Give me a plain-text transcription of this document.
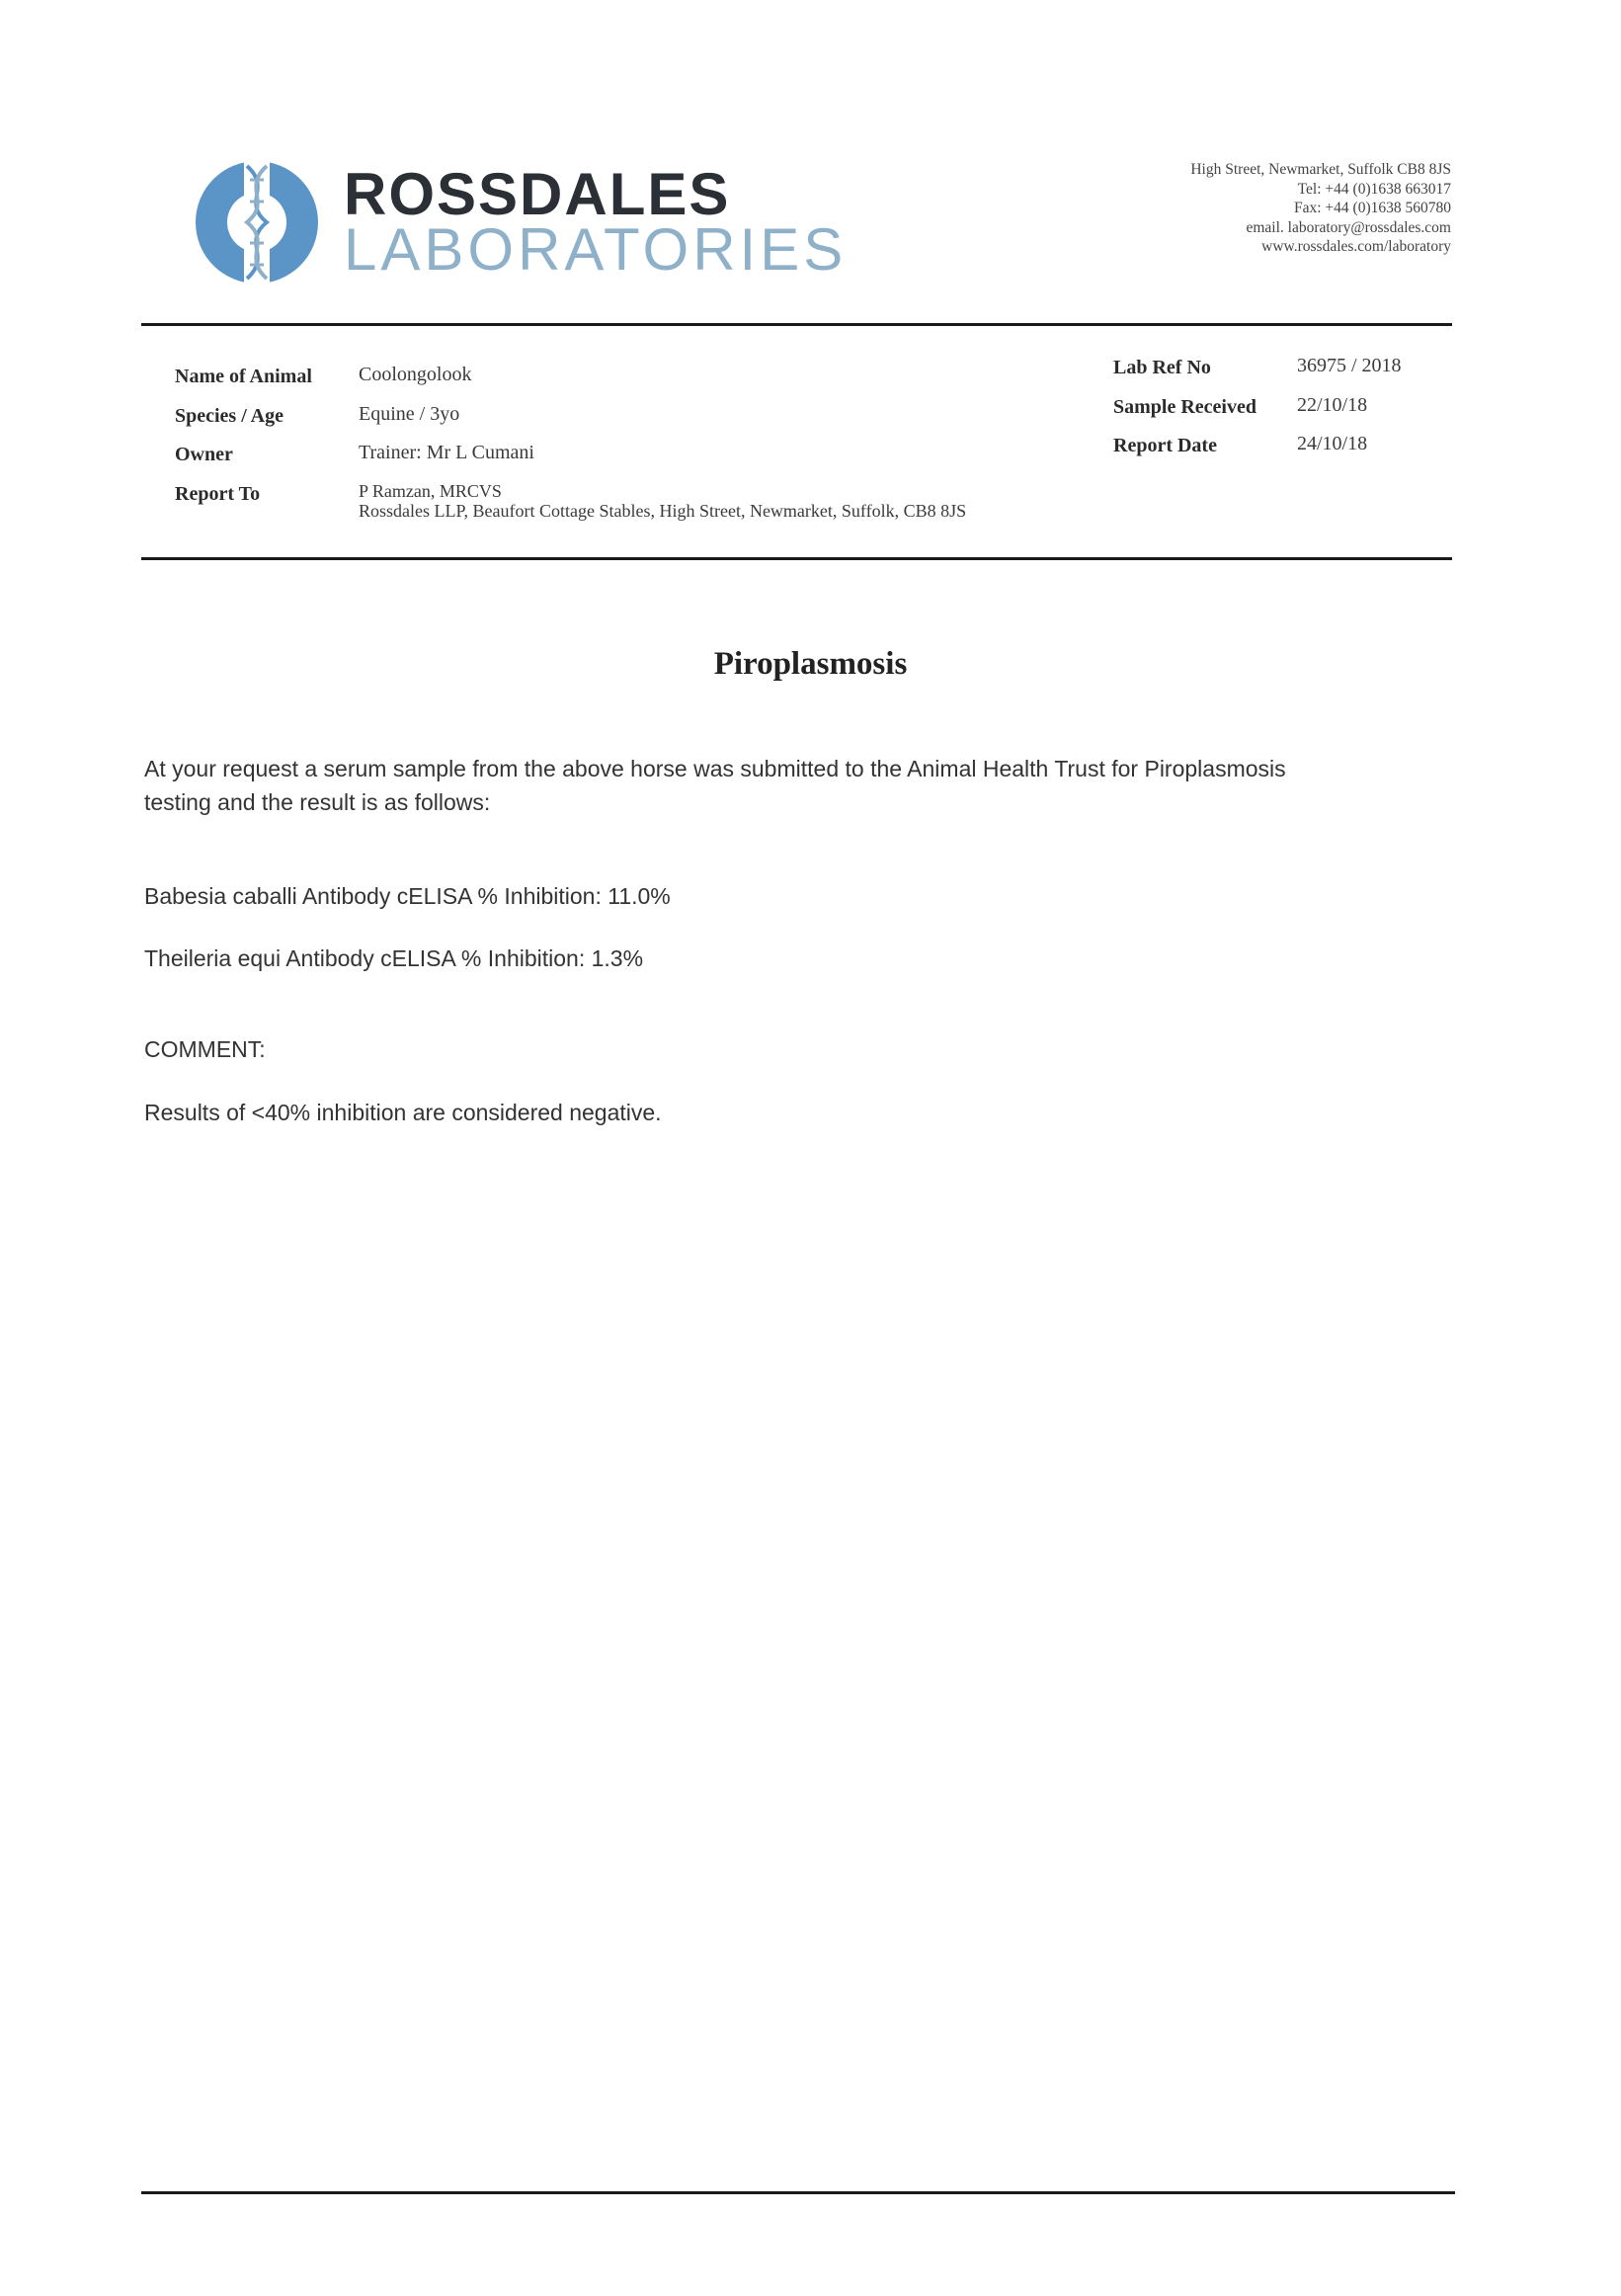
ROSSDALES
LABORATORIES
High Street, Newmarket, Suffolk CB8 8JS
Tel: +44 (0)1638 663017
Fax: +44 (0)1638 560780
email. laboratory@rossdales.com
www.rossdales.com/laboratory
Name of Animal Coolongolook
Species / Age	Equine / 3yo
Owner	Trainer: Mr L Cumani
Report To	P Ramzan, MRCVS
Rossdales LLP, Beaufort Cottage Stables, High Street, Newmarket, Suffolk, CB8 8JS
Lab Ref No	36975 / 2018
Sample Received 22/10/18
Report Date	24/10/18
Piroplasmosis
At your request a serum sample from the above horse was submitted to the Animal Health Trust for Piroplasmosis
testing and the result is as follows:
Babesia caballi Antibody cELISA % Inhibition: 11.0%
Theileria equi Antibody cELISA % Inhibition: 1.3%
COMMENT:
Results of <40% inhibition are considered negative.
